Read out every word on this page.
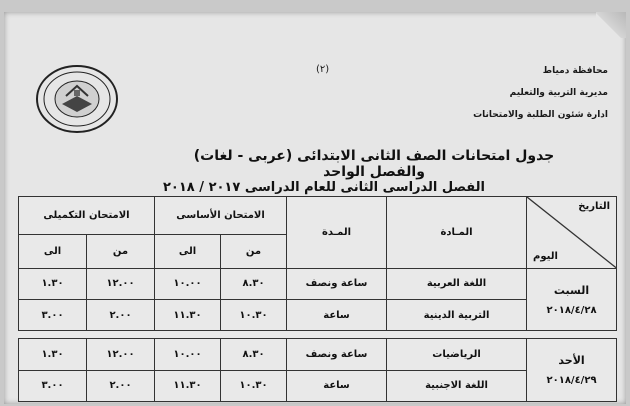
(٢)	محافظة دمياط
مديرية التربية والتعليم
ادارة شئون الطلبة والامتحانات
جدول امتحانات الصف الثانى الابتدائى (عربى - لغات) والفصل الواحد
الفصل الدراسى الثانى للعام الدراسى ٢٠١٧ / ٢٠١٨
التاريخ
اليوم	المـادة	المـدة	الامتحان الأساسى		الامتحان التكميلى	
			من	الى	من	الى

السبت
٢٠١٨/٤/٢٨	اللغة العربية	ساعة ونصف	٨.٣٠	١٠.٠٠	١٢.٠٠	١.٣٠
	التربية الدينية	ساعة	١٠.٣٠	١١.٣٠	٢.٠٠	٣.٠٠

الأحد
٢٠١٨/٤/٢٩	الرياضيات	ساعة ونصف	٨.٣٠	١٠.٠٠	١٢.٠٠	١.٣٠
	اللغة الاجنبية	ساعة	١٠.٣٠	١١.٣٠	٢.٠٠	٣.٠٠
